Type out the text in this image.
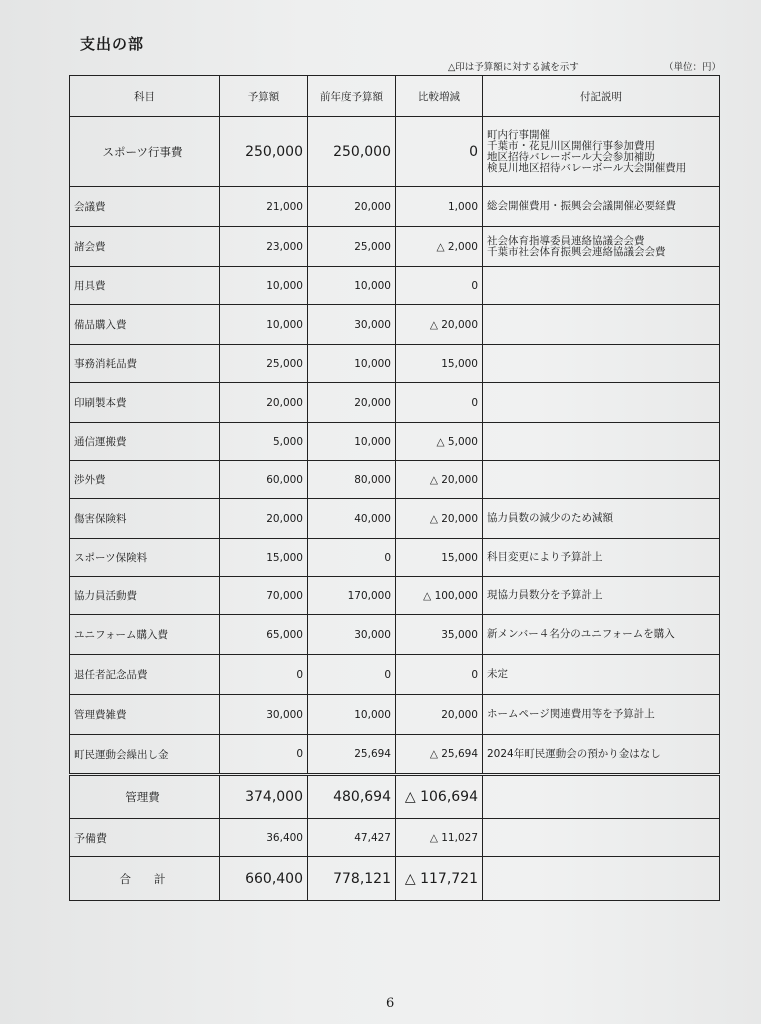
支出の部
△印は予算額に対する減を示す	（単位：円）
科目	予算額	前年度予算額	比較増減	付記説明
スポーツ行事費	250,000	250,000	0	町内行事開催
千葉市・花見川区開催行事参加費用
地区招待バレーボール大会参加補助
検見川地区招待バレーボール大会開催費用

会議費	21,000	20,000	1,000	総会開催費用・振興会会議開催必要経費

諸会費	23,000	25,000	△ 2,000	社会体育指導委員連絡協議会会費
千葉市社会体育振興会連絡協議会会費

用具費	10,000	10,000	0	
備品購入費	10,000	30,000	△ 20,000	
事務消耗品費	25,000	10,000	15,000	
印刷製本費	20,000	20,000	0	
通信運搬費	5,000	10,000	△ 5,000	
渉外費	60,000	80,000	△ 20,000	
傷害保険料	20,000	40,000	△ 20,000	協力員数の減少のため減額

スポーツ保険料	15,000	0	15,000	科目変更により予算計上

協力員活動費	70,000	170,000	△ 100,000	現協力員数分を予算計上

ユニフォーム購入費	65,000	30,000	35,000	新メンバー４名分のユニフォームを購入

退任者記念品費	0	0	0	未定

管理費雑費	30,000	10,000	20,000	ホームページ関連費用等を予算計上

町民運動会繰出し金	0	25,694	△ 25,694	2024年町民運動会の預かり金はなし

管理費	374,000	480,694	△ 106,694	
予備費	36,400	47,427	△ 11,027	
合　　計	660,400	778,121	△ 117,721	
6
